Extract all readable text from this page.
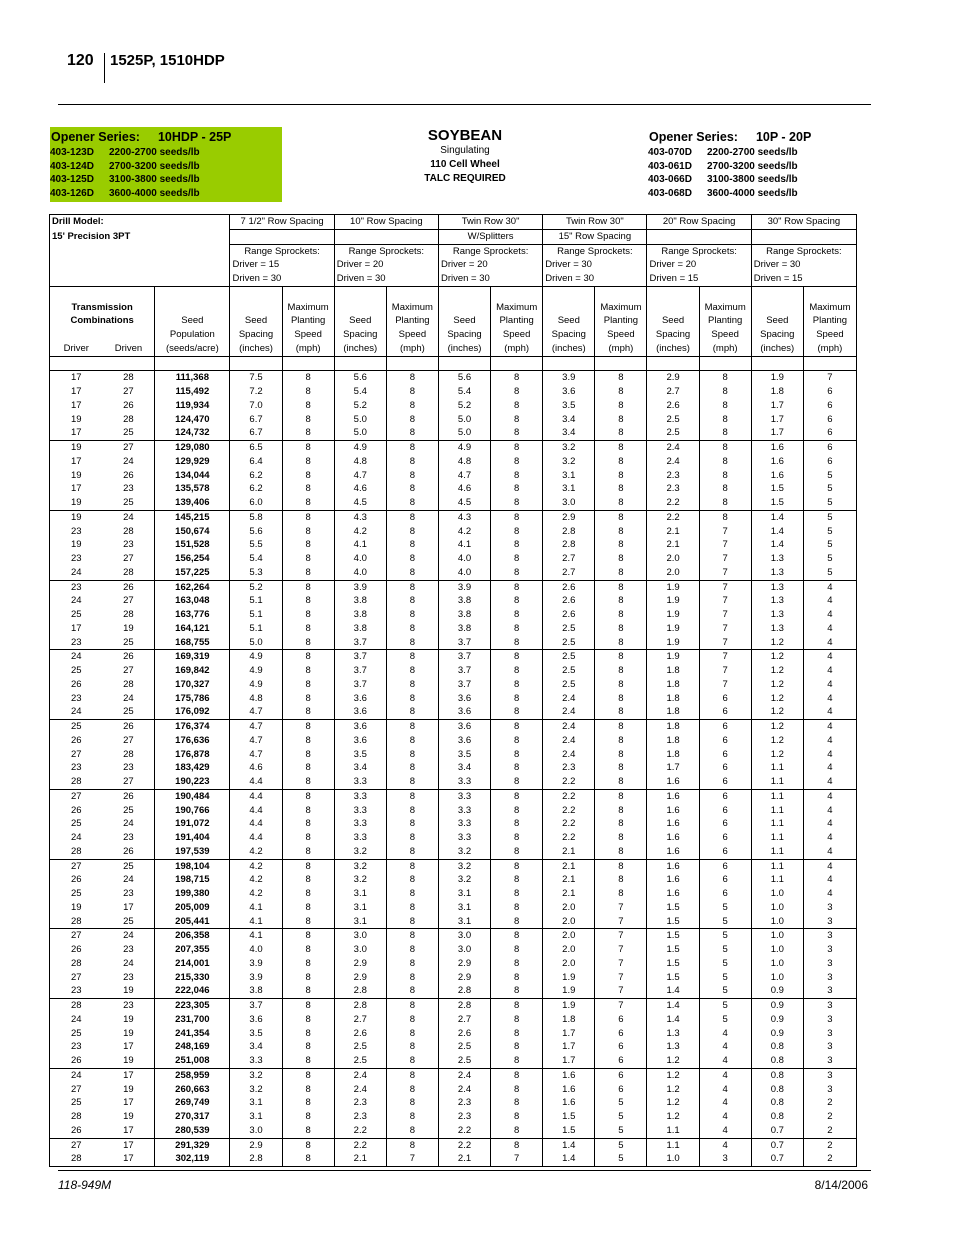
120 1525P, 1510HDP
Opener Series: 10HDP - 25P
403-123D 2200-2700 seeds/lb
403-124D 2700-3200 seeds/lb
403-125D 3100-3800 seeds/lb
403-126D 3600-4000 seeds/lb
SOYBEAN
Singulating
110 Cell Wheel
TALC REQUIRED
Opener Series: 10P - 20P
403-070D 2200-2700 seeds/lb
403-061D 2700-3200 seeds/lb
403-066D 3100-3800 seeds/lb
403-068D 3600-4000 seeds/lb
Drill Model:			7 1/2" Row Spacing		10" Row Spacing		Twin Row 30"		Twin Row 30"		20" Row Spacing		30" Row Spacing	
15' Precision 3PT							W/Splitters		15" Row Spacing					
			Range Sprockets:		Range Sprockets:		Range Sprockets:		Range Sprockets:		Range Sprockets:		Range Sprockets:	
			Driver = 15		Driver = 20		Driver = 20		Driver = 30		Driver = 20		Driver = 30	
			Driven = 30		Driven = 30		Driven = 30		Driven = 30		Driven = 15		Driven = 15	

Transmission				Maximum		Maximum		Maximum		Maximum		Maximum		Maximum
Combinations		Seed	Seed	Planting	Seed	Planting	Seed	Planting	Seed	Planting	Seed	Planting	Seed	Planting
		Population	Spacing	Speed	Spacing	Speed	Spacing	Speed	Spacing	Speed	Spacing	Speed	Spacing	Speed
Driver	Driven	(seeds/acre)	(inches)	(mph)	(inches)	(mph)	(inches)	(mph)	(inches)	(mph)	(inches)	(mph)	(inches)	(mph)

17	28	111,368	7.5	8	5.6	8	5.6	8	3.9	8	2.9	8	1.9	7
17	27	115,492	7.2	8	5.4	8	5.4	8	3.6	8	2.7	8	1.8	6
17	26	119,934	7.0	8	5.2	8	5.2	8	3.5	8	2.6	8	1.7	6
19	28	124,470	6.7	8	5.0	8	5.0	8	3.4	8	2.5	8	1.7	6
17	25	124,732	6.7	8	5.0	8	5.0	8	3.4	8	2.5	8	1.7	6
19	27	129,080	6.5	8	4.9	8	4.9	8	3.2	8	2.4	8	1.6	6
17	24	129,929	6.4	8	4.8	8	4.8	8	3.2	8	2.4	8	1.6	6
19	26	134,044	6.2	8	4.7	8	4.7	8	3.1	8	2.3	8	1.6	5
17	23	135,578	6.2	8	4.6	8	4.6	8	3.1	8	2.3	8	1.5	5
19	25	139,406	6.0	8	4.5	8	4.5	8	3.0	8	2.2	8	1.5	5
19	24	145,215	5.8	8	4.3	8	4.3	8	2.9	8	2.2	8	1.4	5
23	28	150,674	5.6	8	4.2	8	4.2	8	2.8	8	2.1	7	1.4	5
19	23	151,528	5.5	8	4.1	8	4.1	8	2.8	8	2.1	7	1.4	5
23	27	156,254	5.4	8	4.0	8	4.0	8	2.7	8	2.0	7	1.3	5
24	28	157,225	5.3	8	4.0	8	4.0	8	2.7	8	2.0	7	1.3	5
23	26	162,264	5.2	8	3.9	8	3.9	8	2.6	8	1.9	7	1.3	4
24	27	163,048	5.1	8	3.8	8	3.8	8	2.6	8	1.9	7	1.3	4
25	28	163,776	5.1	8	3.8	8	3.8	8	2.6	8	1.9	7	1.3	4
17	19	164,121	5.1	8	3.8	8	3.8	8	2.5	8	1.9	7	1.3	4
23	25	168,755	5.0	8	3.7	8	3.7	8	2.5	8	1.9	7	1.2	4
24	26	169,319	4.9	8	3.7	8	3.7	8	2.5	8	1.9	7	1.2	4
25	27	169,842	4.9	8	3.7	8	3.7	8	2.5	8	1.8	7	1.2	4
26	28	170,327	4.9	8	3.7	8	3.7	8	2.5	8	1.8	7	1.2	4
23	24	175,786	4.8	8	3.6	8	3.6	8	2.4	8	1.8	6	1.2	4
24	25	176,092	4.7	8	3.6	8	3.6	8	2.4	8	1.8	6	1.2	4
25	26	176,374	4.7	8	3.6	8	3.6	8	2.4	8	1.8	6	1.2	4
26	27	176,636	4.7	8	3.6	8	3.6	8	2.4	8	1.8	6	1.2	4
27	28	176,878	4.7	8	3.5	8	3.5	8	2.4	8	1.8	6	1.2	4
23	23	183,429	4.6	8	3.4	8	3.4	8	2.3	8	1.7	6	1.1	4
28	27	190,223	4.4	8	3.3	8	3.3	8	2.2	8	1.6	6	1.1	4
27	26	190,484	4.4	8	3.3	8	3.3	8	2.2	8	1.6	6	1.1	4
26	25	190,766	4.4	8	3.3	8	3.3	8	2.2	8	1.6	6	1.1	4
25	24	191,072	4.4	8	3.3	8	3.3	8	2.2	8	1.6	6	1.1	4
24	23	191,404	4.4	8	3.3	8	3.3	8	2.2	8	1.6	6	1.1	4
28	26	197,539	4.2	8	3.2	8	3.2	8	2.1	8	1.6	6	1.1	4
27	25	198,104	4.2	8	3.2	8	3.2	8	2.1	8	1.6	6	1.1	4
26	24	198,715	4.2	8	3.2	8	3.2	8	2.1	8	1.6	6	1.1	4
25	23	199,380	4.2	8	3.1	8	3.1	8	2.1	8	1.6	6	1.0	4
19	17	205,009	4.1	8	3.1	8	3.1	8	2.0	7	1.5	5	1.0	3
28	25	205,441	4.1	8	3.1	8	3.1	8	2.0	7	1.5	5	1.0	3
27	24	206,358	4.1	8	3.0	8	3.0	8	2.0	7	1.5	5	1.0	3
26	23	207,355	4.0	8	3.0	8	3.0	8	2.0	7	1.5	5	1.0	3
28	24	214,001	3.9	8	2.9	8	2.9	8	2.0	7	1.5	5	1.0	3
27	23	215,330	3.9	8	2.9	8	2.9	8	1.9	7	1.5	5	1.0	3
23	19	222,046	3.8	8	2.8	8	2.8	8	1.9	7	1.4	5	0.9	3
28	23	223,305	3.7	8	2.8	8	2.8	8	1.9	7	1.4	5	0.9	3
24	19	231,700	3.6	8	2.7	8	2.7	8	1.8	6	1.4	5	0.9	3
25	19	241,354	3.5	8	2.6	8	2.6	8	1.7	6	1.3	4	0.9	3
23	17	248,169	3.4	8	2.5	8	2.5	8	1.7	6	1.3	4	0.8	3
26	19	251,008	3.3	8	2.5	8	2.5	8	1.7	6	1.2	4	0.8	3
24	17	258,959	3.2	8	2.4	8	2.4	8	1.6	6	1.2	4	0.8	3
27	19	260,663	3.2	8	2.4	8	2.4	8	1.6	6	1.2	4	0.8	3
25	17	269,749	3.1	8	2.3	8	2.3	8	1.6	5	1.2	4	0.8	2
28	19	270,317	3.1	8	2.3	8	2.3	8	1.5	5	1.2	4	0.8	2
26	17	280,539	3.0	8	2.2	8	2.2	8	1.5	5	1.1	4	0.7	2
27	17	291,329	2.9	8	2.2	8	2.2	8	1.4	5	1.1	4	0.7	2
28	17	302,119	2.8	8	2.1	7	2.1	7	1.4	5	1.0	3	0.7	2
118-949M	8/14/2006
